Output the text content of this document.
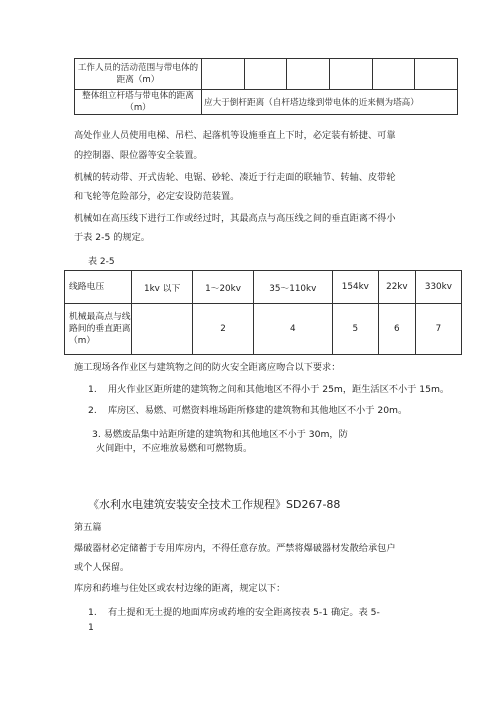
工作人员的活动范围与带电体的距离（m）						
整体组立杆塔与带电体的距离（m）	应大于倒杆距离（自杆塔边缘到带电体的近来侧为塔高）					
高处作业人员使用电梯、吊栏、起落机等设施垂直上下时，必定装有轿捷、可靠
的控制器、限位器等安全装置。
机械的转动带、开式齿轮、电锯、砂轮、凑近于行走面的联轴节、转轴、皮带轮
和飞轮等危险部分，必定安设防范装置。
机械如在高压线下进行工作或经过时，其最高点与高压线之间的垂直距离不得小
于表 2-5 的规定。
表 2-5
线路电压	1kv 以下	1～20kv	35～110kv	154kv	22kv	330kv
机械最高点与线路间的垂直距离（m）		2	4	5	6	7
施工现场各作业区与建筑物之间的防火安全距离应吻合以下要求：
1. 用火作业区距所建的建筑物之间和其他地区不得小于 25m，距生活区不小于 15m。
2. 库房区、易燃、可燃资料堆场距所修建的建筑物和其他地区不小于 20m。
3. 易燃废品集中站距所建的建筑物和其他地区不小于 30m，防
火间距中，不应堆放易燃和可燃物质。
《水利水电建筑安装安全技术工作规程》SD267-88
第五篇
爆破器材必定储蓄于专用库房内，不得任意存放。严禁将爆破器材发散给承包户
或个人保留。
库房和药堆与住处区或农村边缘的距离，规定以下：
1. 有土提和无土提的地面库房或药堆的安全距离按表 5-1 确定。表 5-
1
